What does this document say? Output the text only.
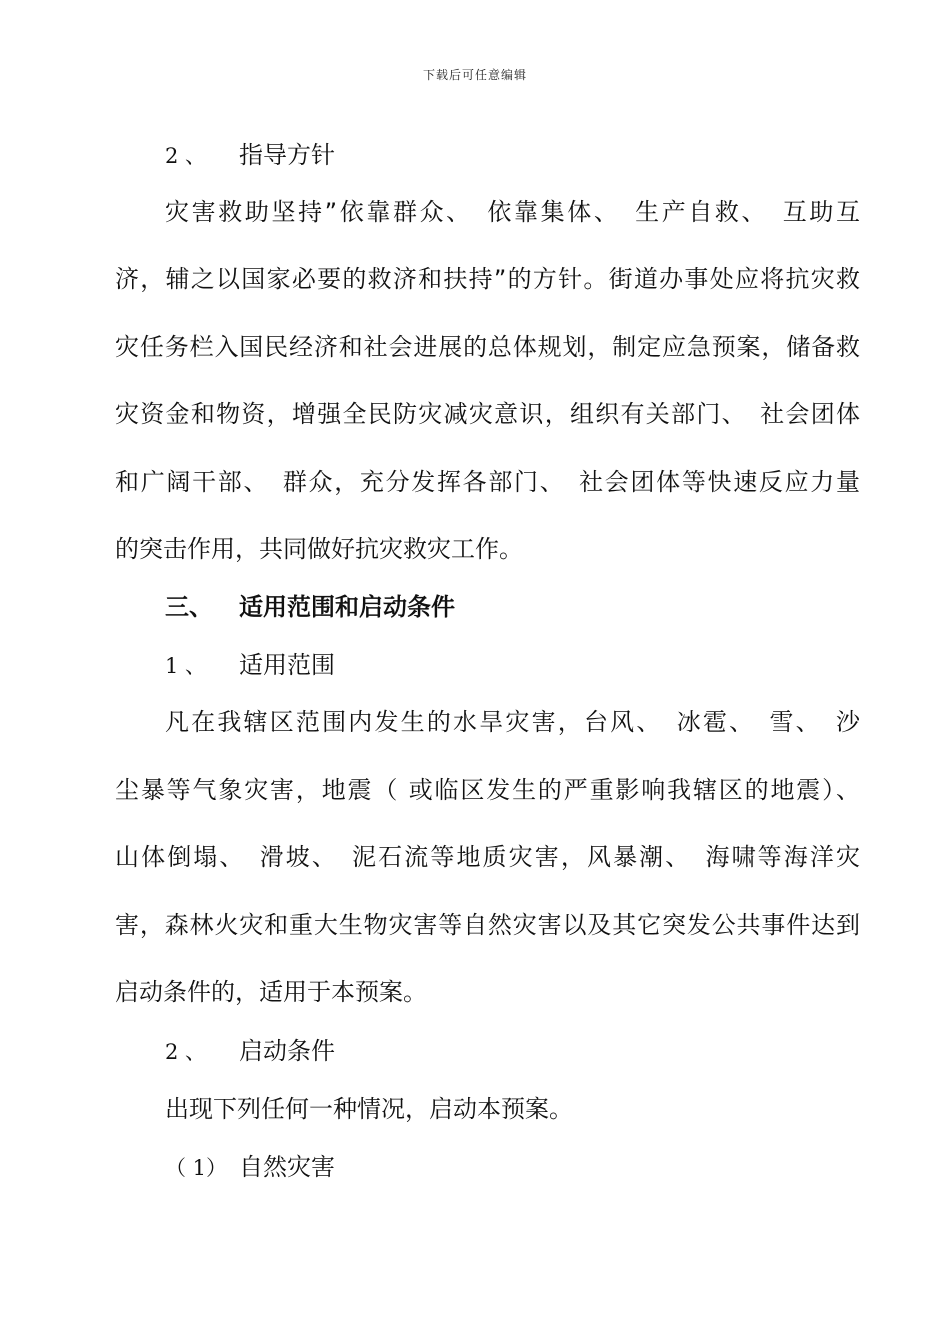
下载后可任意编辑
2 、 指导方针
灾害救助坚持”依靠群众、　依靠集体、　生产自救、　互助互
济，辅之以国家必要的救济和扶持”的方针。街道办事处应将抗灾救
灾任务栏入国民经济和社会进展的总体规划，制定应急预案，储备救
灾资金和物资，增强全民防灾减灾意识，组织有关部门、　社会团体
和广阔干部、　群众，充分发挥各部门、　社会团体等快速反应力量
的突击作用，共同做好抗灾救灾工作。
三、 适用范围和启动条件
1 、 适用范围
凡在我辖区范围内发生的水旱灾害，台风、　冰雹、　雪、　沙
尘暴等气象灾害，地震（ 或临区发生的严重影响我辖区的地震）、
山体倒塌、　滑坡、　泥石流等地质灾害，风暴潮、　海啸等海洋灾
害，森林火灾和重大生物灾害等自然灾害以及其它突发公共事件达到
启动条件的，适用于本预案。
2 、 启动条件
出现下列任何一种情况，启动本预案。
（ 1） 自然灾害
